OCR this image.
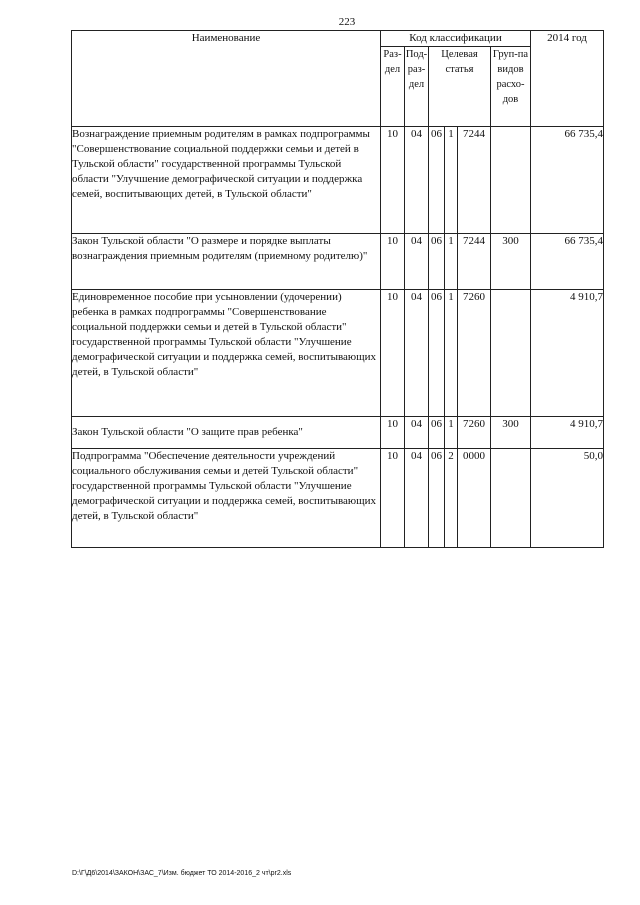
223
Наименование	Код классификации						2014 год
	Раз-дел	Под-раз-дел	Целевая статья			Груп-па видов расхо-дов	
Вознаграждение приемным родителям в рамках подпрограммы "Совершенствование социальной поддержки семьи и детей в Тульской области" государственной программы Тульской области "Улучшение демографической ситуации и поддержка семей, воспитывающих детей, в Тульской области"	10	04	06	1	7244		66 735,4
Закон Тульской области "О размере и порядке выплаты вознаграждения приемным родителям (приемному родителю)"	10	04	06	1	7244	300	66 735,4
Единовременное пособие при усыновлении (удочерении) ребенка в рамках подпрограммы "Совершенствование социальной поддержки семьи и детей в Тульской области" государственной программы Тульской области "Улучшение демографической ситуации и поддержка семей, воспитывающих детей, в Тульской области"	10	04	06	1	7260		4 910,7
Закон Тульской области "О защите прав ребенка"	10	04	06	1	7260	300	4 910,7
Подпрограмма "Обеспечение деятельности учреждений социального обслуживания семьи и детей Тульской области" государственной программы Тульской области "Улучшение демографической ситуации и поддержка семей, воспитывающих детей, в Тульской области"	10	04	06	2	0000		50,0
D:\Г\Д6\2014\ЗАКОН\ЗАС_7\Изм. бюджет ТО 2014-2016_2 чт\pr2.xls
